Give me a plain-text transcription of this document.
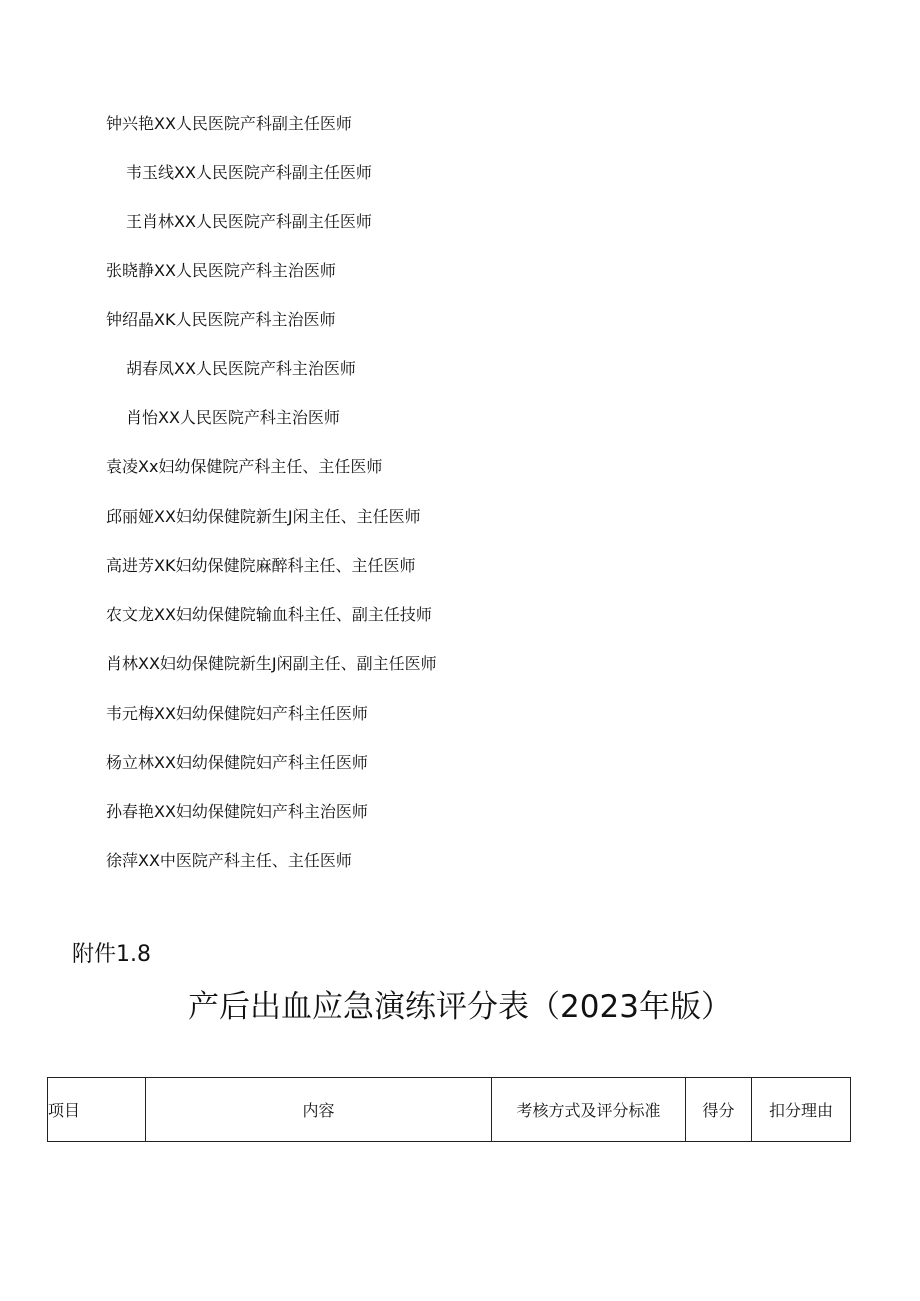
钟兴艳XX人民医院产科副主任医师
韦玉线XX人民医院产科副主任医师
王肖林XX人民医院产科副主任医师
张晓静XX人民医院产科主治医师
钟绍晶XK人民医院产科主治医师
胡春凤XX人民医院产科主治医师
肖怡XX人民医院产科主治医师
袁凌Xx妇幼保健院产科主任、主任医师
邱丽娅XX妇幼保健院新生J闲主任、主任医师
高进芳XK妇幼保健院麻醉科主任、主任医师
农文龙XX妇幼保健院输血科主任、副主任技师
肖林XX妇幼保健院新生J闲副主任、副主任医师
韦元梅XX妇幼保健院妇产科主任医师
杨立林XX妇幼保健院妇产科主任医师
孙春艳XX妇幼保健院妇产科主治医师
徐萍XX中医院产科主任、主任医师
附件1.8
产后出血应急演练评分表（2023年版）
项目	内容	考核方式及评分标准	得分	扣分理由
